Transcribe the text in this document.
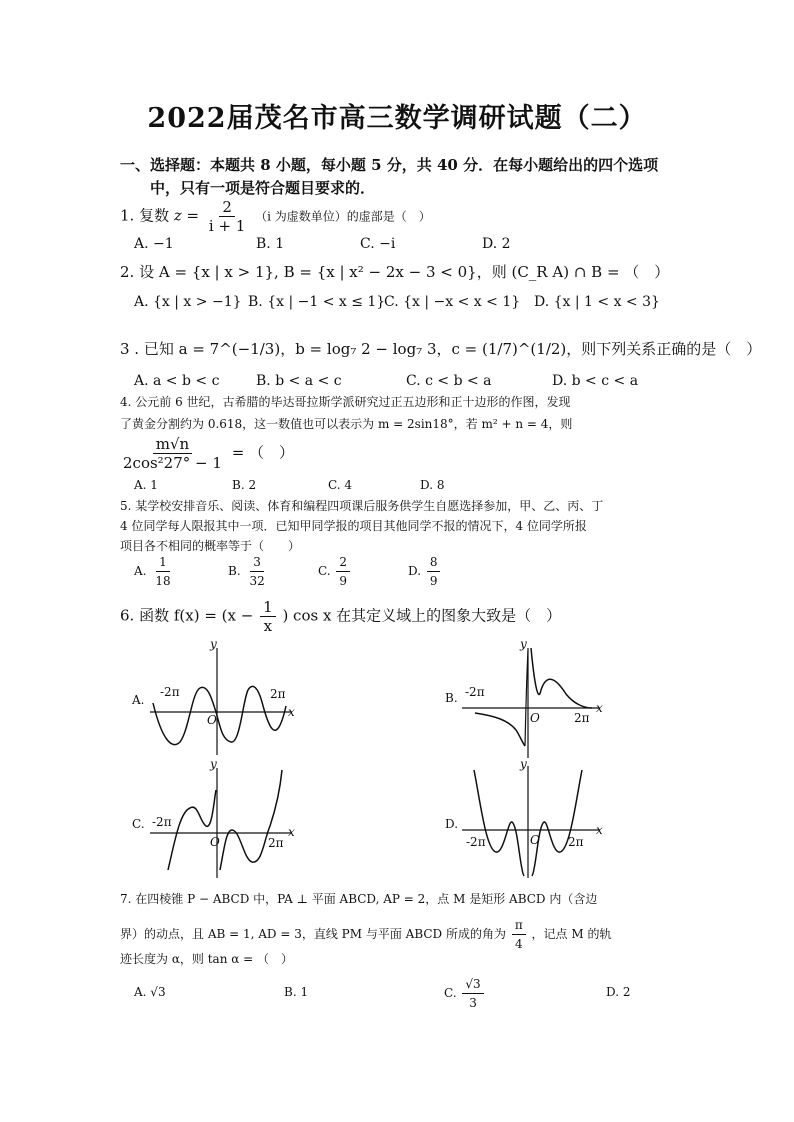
2022届茂名市高三数学调研试题（二）
一、选择题：本题共 8 小题，每小题 5 分，共 40 分．在每小题给出的四个选项
中，只有一项是符合题目要求的．
1. 复数 $z = \frac{2}{i + 1} (i$ 为虚数单位）的虚部是（　）
A. −1	B. 1	C. −i	D. 2
2. 设 A = {x | x > 1}, B = {x | x² − 2x − 3 < 0}，则 (C_R A) ∩ B = （　）
A. {x | x > −1} B. {x | −1 < x ≤ 1}
C. {x | −x < x < 1} D. {x | 1 < x < 3}
3 . 已知 a = 7^(−1/3)，b = log₇ 2 − log₇ 3，c = (1/7)^(1/2)，则下列关系正确的是（　）
A. a < b < c	B. b < a < c	C. c < b < a	D. b < c < a
4. 公元前 6 世纪，古希腊的毕达哥拉斯学派研究过正五边形和正十边形的作图，发现
了黄金分割约为 0.618，这一数值也可以表示为 m = 2sin18°，若 m² + n = 4，则
$\frac{m√n}{\text{2cos²27° − 1}}$ = （　）
A. 1	B. 2	C. 4	D. 8
5. 某学校安排音乐、阅读、体育和编程四项课后服务供学生自愿选择参加，甲、乙、丙、丁
4 位同学每人限报其中一项．已知甲同学报的项目其他同学不报的情况下，4 位同学所报
项目各不相同的概率等于（　　）
A. $\frac{1}{18}$	B. $\frac{3}{32}$	C. $\frac{2}{9}$	D. $\frac{8}{9}$
6. 函数 $f(x) = (x - \frac{1}{x}$ ) cos x 在其定义域上的图象大致是（　）
A.	B.
C.	D.
y
x
O
-2π	2π
y
x
O
-2π
2π
y
x
O
-2π
2π
y
x
O
-2π	2π
7. 在四棱锥 P − ABCD 中，PA ⊥ 平面 ABCD, AP = 2，点 M 是矩形 ABCD 内（含边
界）的动点，且 AB = 1, AD = 3，直线 PM 与平面 ABCD 所成的角为 $\frac{\pi}{4}$ ，记点 M 的轨
迹长度为 α，则 tan α = （　）
A. √3	B. 1	C. $\frac{√3}{3}$	D. 2
